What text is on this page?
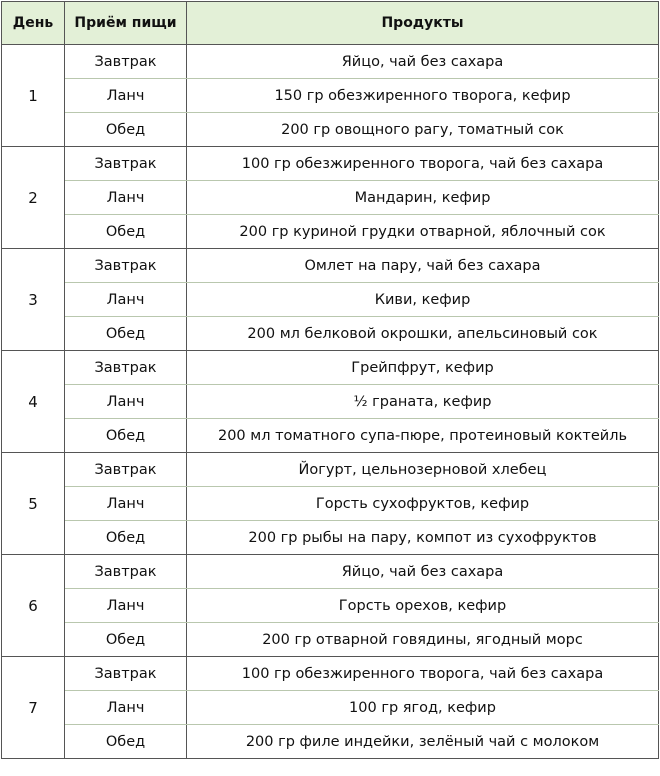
День	Приём пищи	Продукты
1	Завтрак	Яйцо, чай без сахара
	Ланч	150 гр обезжиренного творога, кефир
	Обед	200 гр овощного рагу, томатный сок
2	Завтрак	100 гр обезжиренного творога, чай без сахара
	Ланч	Мандарин, кефир
	Обед	200 гр куриной грудки отварной, яблочный сок
3	Завтрак	Омлет на пару, чай без сахара
	Ланч	Киви, кефир
	Обед	200 мл белковой окрошки, апельсиновый сок
4	Завтрак	Грейпфрут, кефир
	Ланч	½ граната, кефир
	Обед	200 мл томатного супа-пюре, протеиновый коктейль
5	Завтрак	Йогурт, цельнозерновой хлебец
	Ланч	Горсть сухофруктов, кефир
	Обед	200 гр рыбы на пару, компот из сухофруктов
6	Завтрак	Яйцо, чай без сахара
	Ланч	Горсть орехов, кефир
	Обед	200 гр отварной говядины, ягодный морс
7	Завтрак	100 гр обезжиренного творога, чай без сахара
	Ланч	100 гр ягод, кефир
	Обед	200 гр филе индейки, зелёный чай с молоком
